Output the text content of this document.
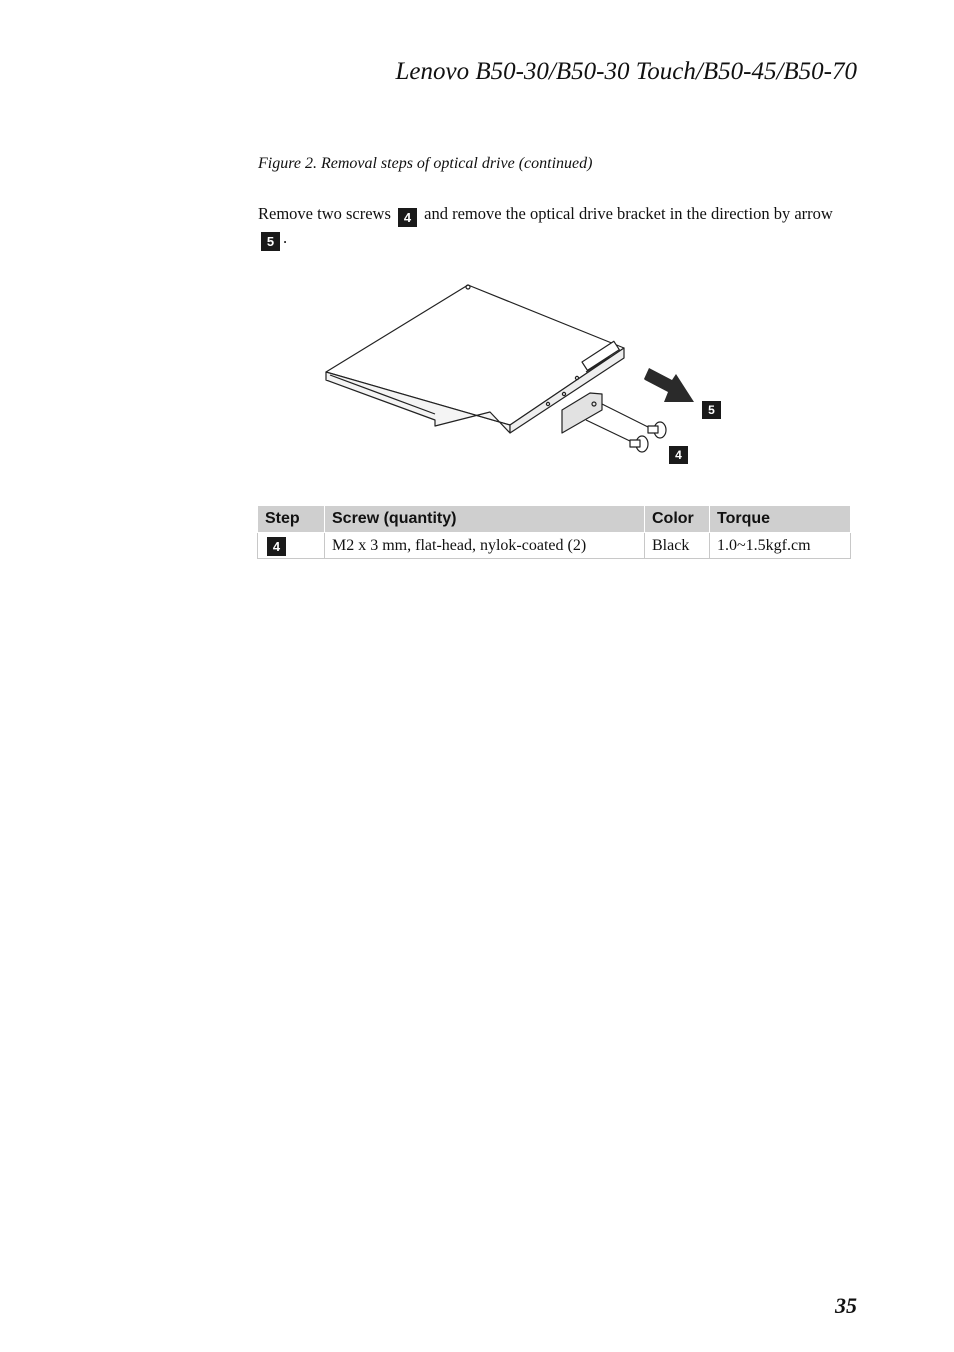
Lenovo B50-30/B50-30 Touch/B50-45/B50-70
Figure 2. Removal steps of optical drive (continued)
Remove two screws 4 and remove the optical drive bracket in the direction by arrow 5 .
5
4
Step	Screw (quantity)	Color	Torque
4	M2 x 3 mm, flat-head, nylok-coated (2)	Black	1.0~1.5kgf.cm
35
